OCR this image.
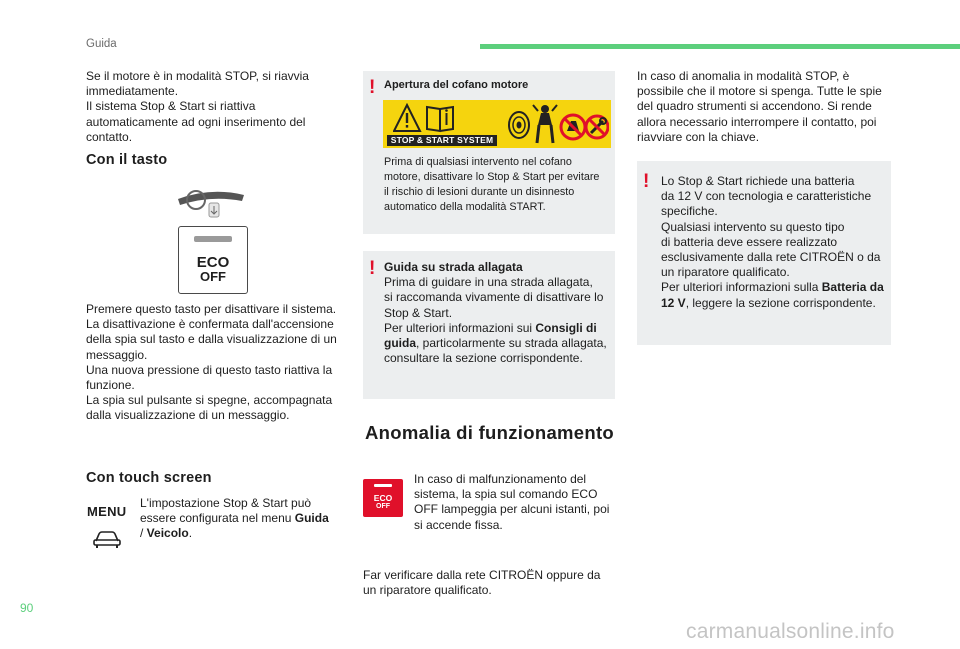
Guida
90
carmanualsonline.info

Se il motore è in modalità STOP, si riavvia

immediatamente.

Il sistema Stop & Start si riattiva

automaticamente ad ogni inserimento del

contatto.

Con il tasto
ECO
OFF

Premere questo tasto per disattivare il sistema.

La disattivazione è confermata dall'accensione

della spia sul tasto e dalla visualizzazione di un

messaggio.

Una nuova pressione di questo tasto riattiva la

funzione.

La spia sul pulsante si spegne, accompagnata

dalla visualizzazione di un messaggio.

Con touch screen
MENU

L'impostazione Stop & Start può

essere configurata nel menu Guida

/ Veicolo.

! Apertura del cofano motore
STOP & START SYSTEM

Prima di qualsiasi intervento nel cofano

motore, disattivare lo Stop & Start per evitare

il rischio di lesioni durante un disinnesto

automatico della modalità START.

! Guida su strada allagata

Prima di guidare in una strada allagata,

si raccomanda vivamente di disattivare lo

Stop & Start.

Per ulteriori informazioni sui Consigli di

guida, particolarmente su strada allagata,

consultare la sezione corrispondente.

Anomalia di funzionamento
ECO
OFF

In caso di malfunzionamento del

sistema, la spia sul comando ECO

OFF lampeggia per alcuni istanti, poi

si accende fissa.

Far verificare dalla rete CITROËN oppure da

un riparatore qualificato.

In caso di anomalia in modalità STOP, è

possibile che il motore si spenga. Tutte le spie

del quadro strumenti si accendono. Si rende

allora necessario interrompere il contatto, poi

riavviare con la chiave.

! Lo Stop & Start richiede una batteria

da 12 V con tecnologia e caratteristiche

specifiche.

Qualsiasi intervento su questo tipo

di batteria deve essere realizzato

esclusivamente dalla rete CITROËN o da

un riparatore qualificato.

Per ulteriori informazioni sulla Batteria da

12 V, leggere la sezione corrispondente.
